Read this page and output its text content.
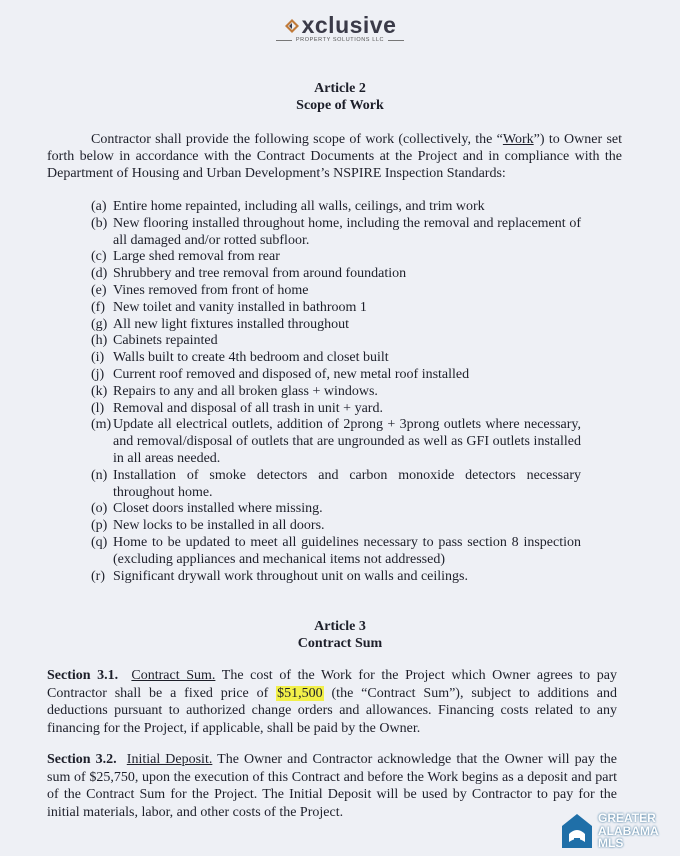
xclusive
PROPERTY SOLUTIONS LLC
Article 2
Scope of Work
Contractor shall provide the following scope of work (collectively, the “Work”) to Owner set forth below in accordance with the Contract Documents at the Project and in compliance with the Department of Housing and Urban Development’s NSPIRE Inspection Standards:
(a) Entire home repainted, including all walls, ceilings, and trim work
(b) New flooring installed throughout home, including the removal and replacement of all damaged and/or rotted subfloor.
(c) Large shed removal from rear
(d) Shrubbery and tree removal from around foundation
(e) Vines removed from front of home
(f) New toilet and vanity installed in bathroom 1
(g) All new light fixtures installed throughout
(h) Cabinets repainted
(i) Walls built to create 4th bedroom and closet built
(j) Current roof removed and disposed of, new metal roof installed
(k) Repairs to any and all broken glass + windows.
(l) Removal and disposal of all trash in unit + yard.
(m) Update all electrical outlets, addition of 2prong + 3prong outlets where necessary, and removal/disposal of outlets that are ungrounded as well as GFI outlets installed in all areas needed.
(n) Installation of smoke detectors and carbon monoxide detectors necessary throughout home.
(o) Closet doors installed where missing.
(p) New locks to be installed in all doors.
(q) Home to be updated to meet all guidelines necessary to pass section 8 inspection (excluding appliances and mechanical items not addressed)
(r) Significant drywall work throughout unit on walls and ceilings.
Article 3
Contract Sum
Section 3.1. Contract Sum. The cost of the Work for the Project which Owner agrees to pay Contractor shall be a fixed price of $51,500 (the “Contract Sum”), subject to additions and deductions pursuant to authorized change orders and allowances. Financing costs related to any financing for the Project, if applicable, shall be paid by the Owner.
Section 3.2. Initial Deposit. The Owner and Contractor acknowledge that the Owner will pay the sum of $25,750, upon the execution of this Contract and before the Work begins as a deposit and part of the Contract Sum for the Project. The Initial Deposit will be used by Contractor to pay for the initial materials, labor, and other costs of the Project.	GREATER
ALABAMA
MLS
